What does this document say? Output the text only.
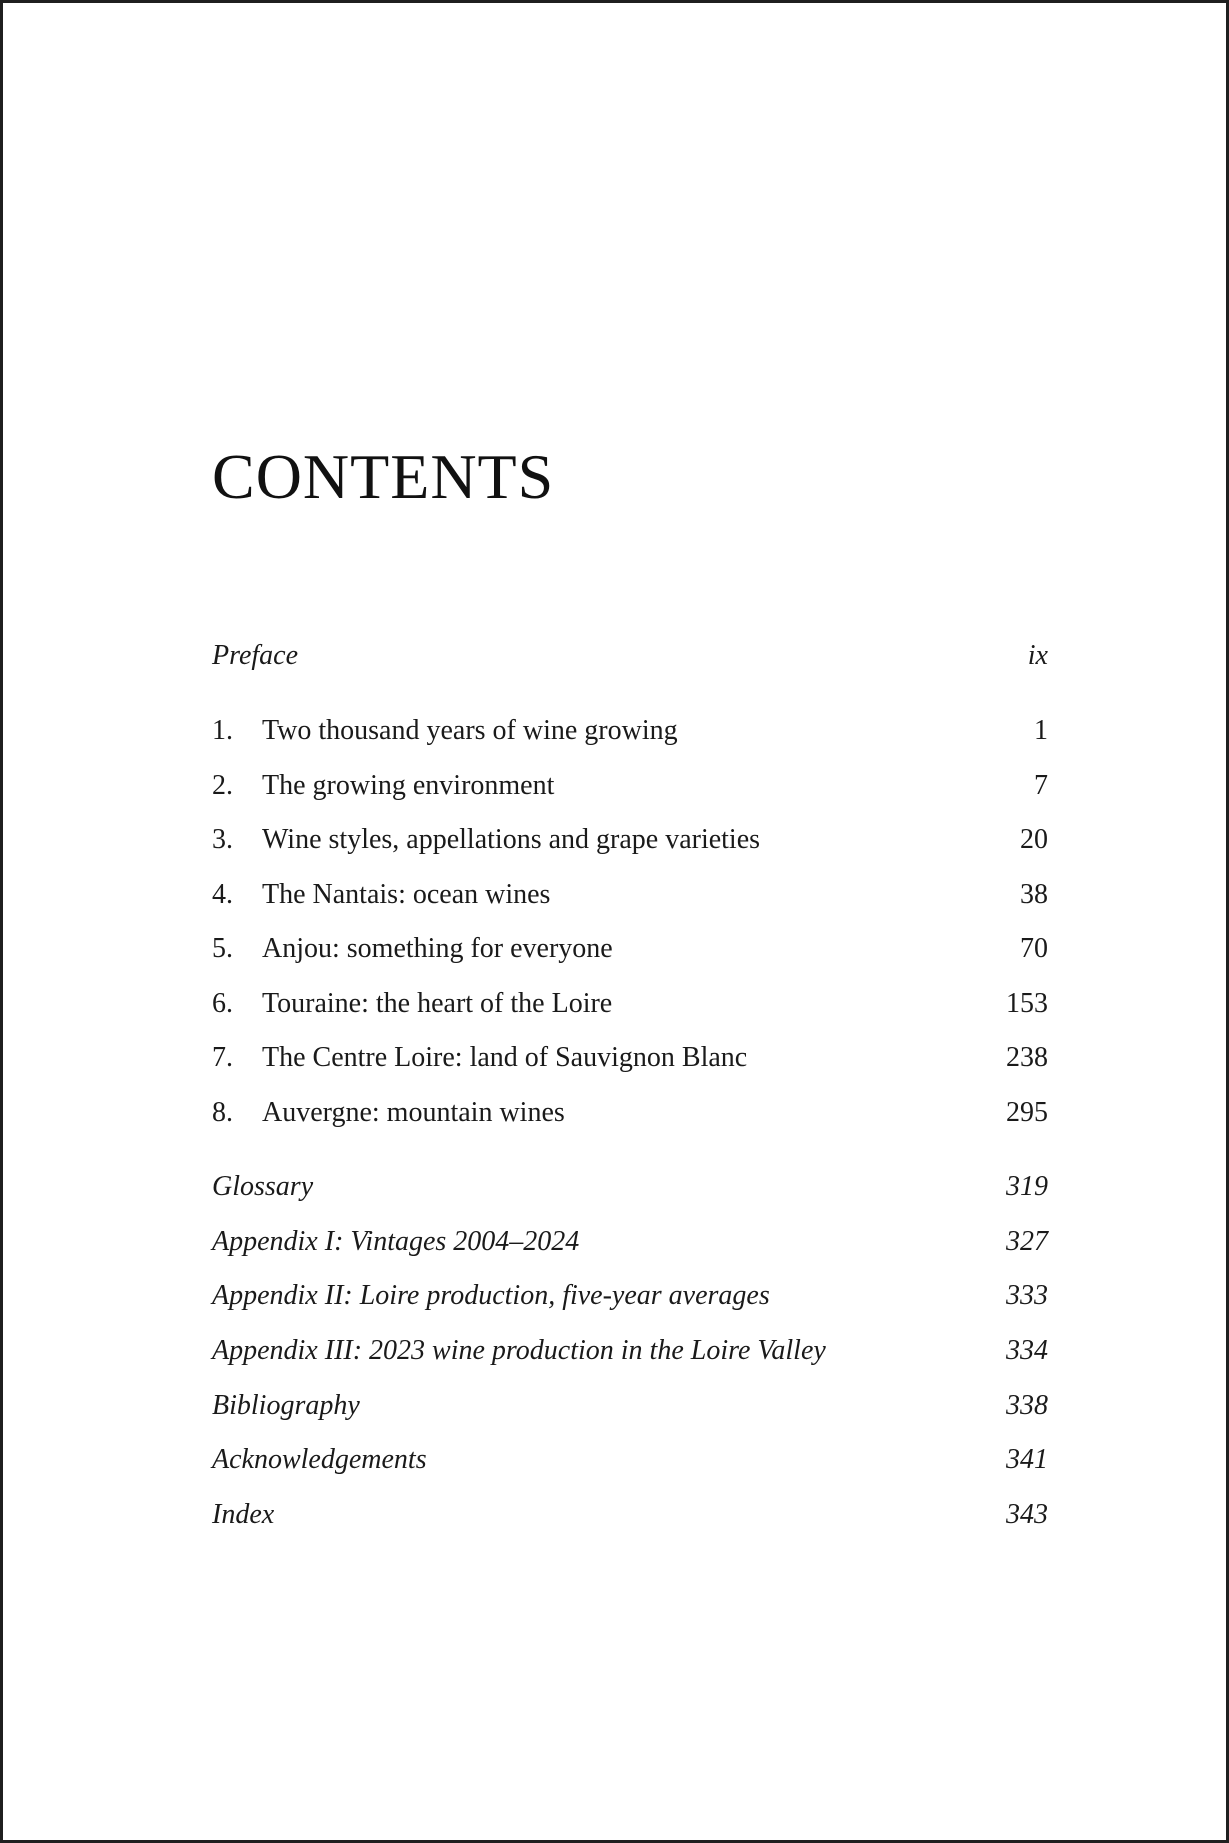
CONTENTS
Preface	ix
1.	Two thousand years of wine growing	1
2.	The growing environment	7
3.	Wine styles, appellations and grape varieties	20
4.	The Nantais: ocean wines	38
5.	Anjou: something for everyone	70
6.	Touraine: the heart of the Loire	153
7.	The Centre Loire: land of Sauvignon Blanc	238
8.	Auvergne: mountain wines	295
Glossary	319
Appendix I: Vintages 2004–2024	327
Appendix II: Loire production, five-year averages	333
Appendix III: 2023 wine production in the Loire Valley	334
Bibliography	338
Acknowledgements	341
Index	343
